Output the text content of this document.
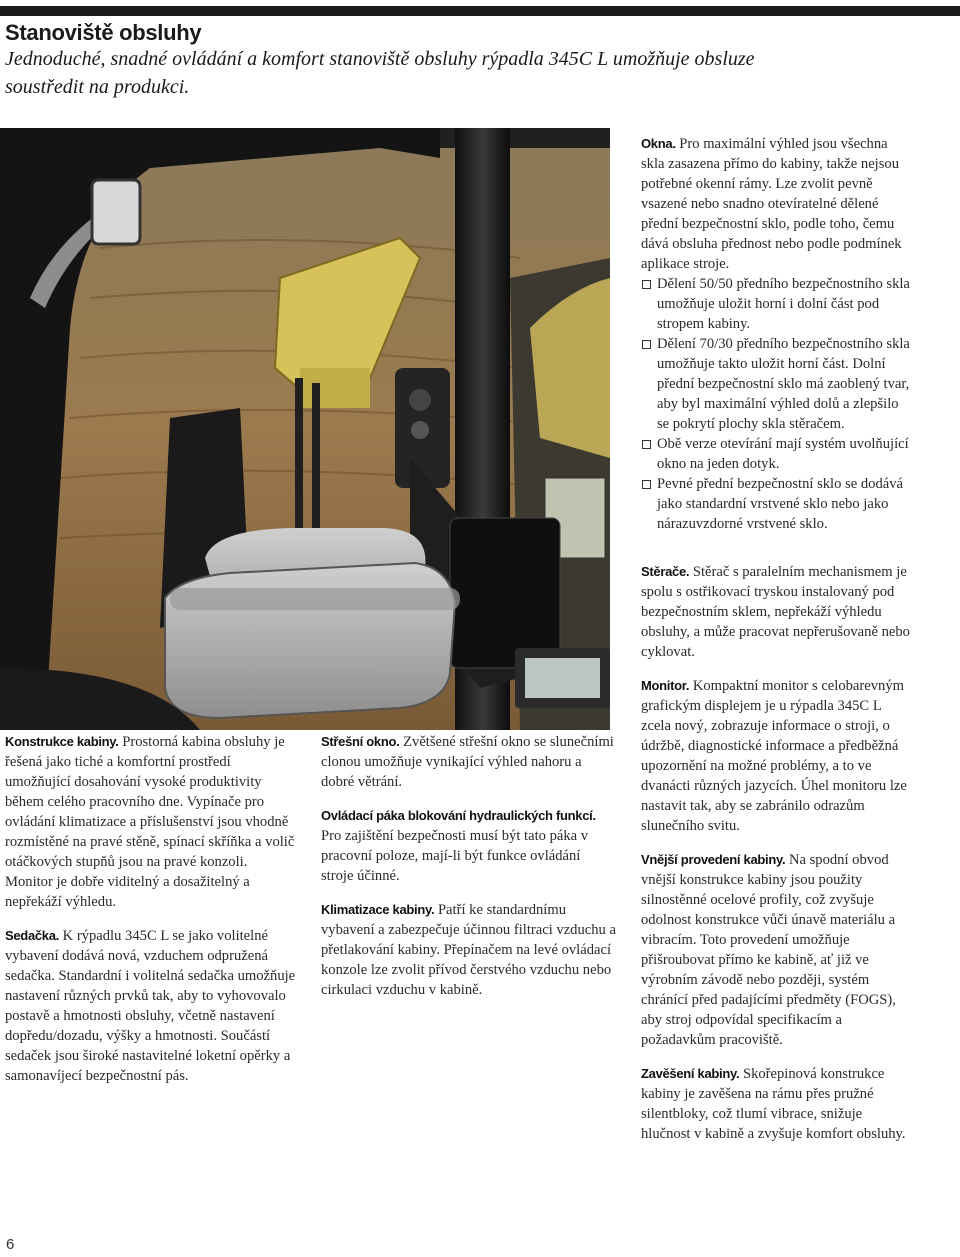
Stanoviště obsluhy

Jednoduché, snadné ovládání a komfort stanoviště obsluhy rýpadla 345C L umožňuje obsluze soustředit na produkci.

Konstrukce kabiny. Prostorná kabina obsluhy je řešená jako tiché a komfortní prostředí umožňující dosahování vysoké produktivity během celého pracovního dne. Vypínače pro ovládání klimatizace a příslušenství jsou vhodně rozmístěné na pravé stěně, spínací skříňka a volič otáčkových stupňů jsou na pravé konzoli. Monitor je dobře viditelný a dosažitelný a nepřekáží výhledu.

Sedačka. K rýpadlu 345C L se jako volitelné vybavení dodává nová, vzduchem odpružená sedačka. Standardní i volitelná sedačka umožňuje nastavení různých prvků tak, aby to vyhovovalo postavě a hmotnosti obsluhy, včetně nastavení dopředu/dozadu, výšky a hmotnosti. Součástí sedaček jsou široké nastavitelné loketní opěrky a samonavíjecí bezpečnostní pás.

Střešní okno. Zvětšené střešní okno se slunečními clonou umožňuje vynikající výhled nahoru a dobré větrání.

Ovládací páka blokování hydraulických funkcí. Pro zajištění bezpečnosti musí být tato páka v pracovní poloze, mají-li být funkce ovládání stroje účinné.

Klimatizace kabiny. Patří ke standardnímu vybavení a zabezpečuje účinnou filtraci vzduchu a přetlakování kabiny. Přepínačem na levé ovládací konzole lze zvolit přívod čerstvého vzduchu nebo cirkulaci vzduchu v kabině.

Okna. Pro maximální výhled jsou všechna skla zasazena přímo do kabiny, takže nejsou potřebné okenní rámy. Lze zvolit pevně vsazené nebo snadno otevíratelné dělené přední bezpečnostní sklo, podle toho, čemu dává obsluha přednost nebo podle podmínek aplikace stroje.

Dělení 50/50 předního bezpečnostního skla umožňuje uložit horní i dolní část pod stropem kabiny.
Dělení 70/30 předního bezpečnostního skla umožňuje takto uložit horní část. Dolní přední bezpečnostní sklo má zaoblený tvar, aby byl maximální výhled dolů a zlepšilo se pokrytí plochy skla stěračem.
Obě verze otevírání mají systém uvolňující okno na jeden dotyk.
Pevné přední bezpečnostní sklo se dodává jako standardní vrstvené sklo nebo jako nárazuvzdorné vrstvené sklo.

Stěrače. Stěrač s paralelním mechanismem je spolu s ostřikovací tryskou instalovaný pod bezpečnostním sklem, nepřekáží výhledu obsluhy, a může pracovat nepřerušovaně nebo cyklovat.

Monitor. Kompaktní monitor s celobarevným grafickým displejem je u rýpadla 345C L zcela nový, zobrazuje informace o stroji, o údržbě, diagnostické informace a předběžná upozornění na možné problémy, a to ve dvanácti různých jazycích. Úhel monitoru lze nastavit tak, aby se zabránilo odrazům slunečního svitu.

Vnější provedení kabiny. Na spodní obvod vnější konstrukce kabiny jsou použity silnostěnné ocelové profily, což zvyšuje odolnost konstrukce vůči únavě materiálu a vibracím. Toto provedení umožňuje přišroubovat přímo ke kabině, ať již ve výrobním závodě nebo později, systém chránící před padajícími předměty (FOGS), aby stroj odpovídal specifikacím a požadavkům pracoviště.

Zavěšení kabiny. Skořepinová konstrukce kabiny je zavěšena na rámu přes pružné silentbloky, což tlumí vibrace, snižuje hlučnost v kabině a zvyšuje komfort obsluhy.

6
